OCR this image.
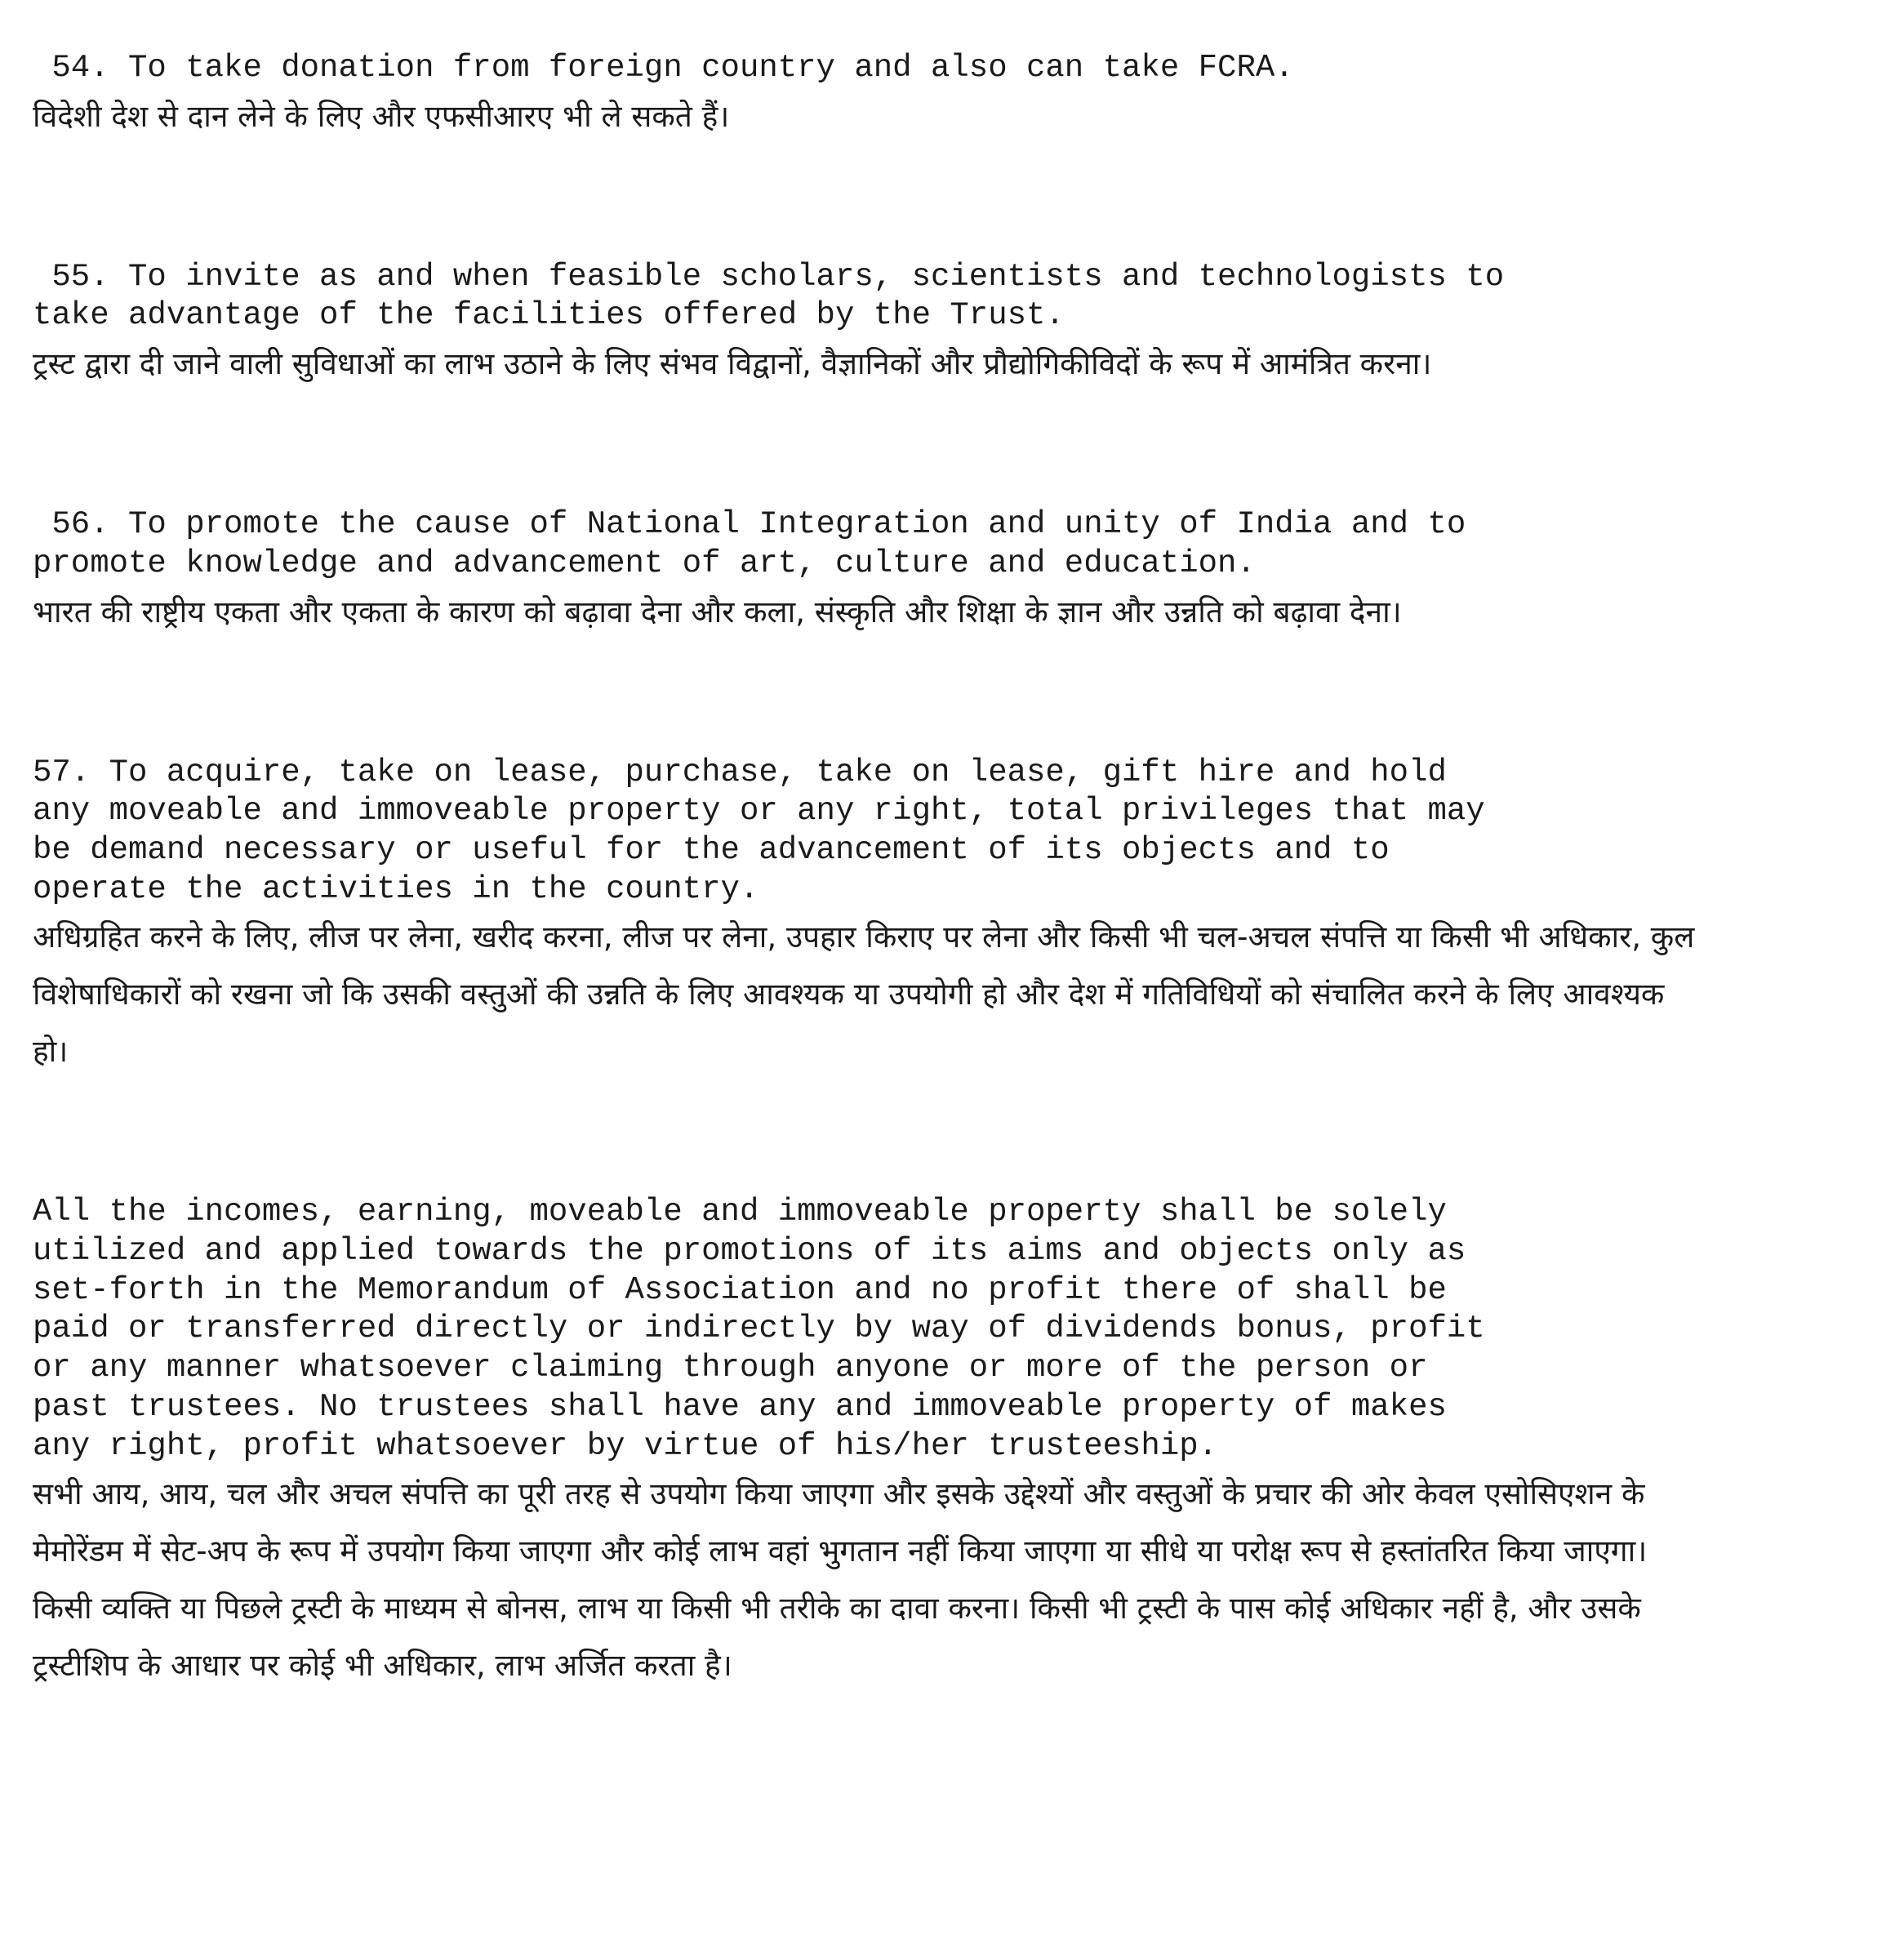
54. To take donation from foreign country and also can take FCRA.

विदेशी देश से दान लेने के लिए और एफसीआरए भी ले सकते हैं।

55. To invite as and when feasible scholars, scientists and technologists to
take advantage of the facilities offered by the Trust.

ट्रस्ट द्वारा दी जाने वाली सुविधाओं का लाभ उठाने के लिए संभव विद्वानों, वैज्ञानिकों और प्रौद्योगिकीविदों के रूप में आमंत्रित करना।

56. To promote the cause of National Integration and unity of India and to
promote knowledge and advancement of art, culture and education.

भारत की राष्ट्रीय एकता और एकता के कारण को बढ़ावा देना और कला, संस्कृति और शिक्षा के ज्ञान और उन्नति को बढ़ावा देना।

57. To acquire, take on lease, purchase, take on lease, gift hire and hold
any moveable and immoveable property or any right, total privileges that may
be demand necessary or useful for the advancement of its objects and to
operate the activities in the country.

अधिग्रहित करने के लिए, लीज पर लेना, खरीद करना, लीज पर लेना, उपहार किराए पर लेना और किसी भी चल-अचल संपत्ति या किसी भी अधिकार, कुल विशेषाधिकारों को रखना जो कि उसकी वस्तुओं की उन्नति के लिए आवश्यक या उपयोगी हो और देश में गतिविधियों को संचालित करने के लिए आवश्यक हो।

All the incomes, earning, moveable and immoveable property shall be solely
utilized and applied towards the promotions of its aims and objects only as
set-forth in the Memorandum of Association and no profit there of shall be
paid or transferred directly or indirectly by way of dividends bonus, profit
or any manner whatsoever claiming through anyone or more of the person or
past trustees. No trustees shall have any and immoveable property of makes
any right, profit whatsoever by virtue of his/her trusteeship.

सभी आय, आय, चल और अचल संपत्ति का पूरी तरह से उपयोग किया जाएगा और इसके उद्देश्यों और वस्तुओं के प्रचार की ओर केवल एसोसिएशन के मेमोरेंडम में सेट-अप के रूप में उपयोग किया जाएगा और कोई लाभ वहां भुगतान नहीं किया जाएगा या सीधे या परोक्ष रूप से हस्तांतरित किया जाएगा। किसी व्यक्ति या पिछले ट्रस्टी के माध्यम से बोनस, लाभ या किसी भी तरीके का दावा करना। किसी भी ट्रस्टी के पास कोई अधिकार नहीं है, और उसके ट्रस्टीशिप के आधार पर कोई भी अधिकार, लाभ अर्जित करता है।
